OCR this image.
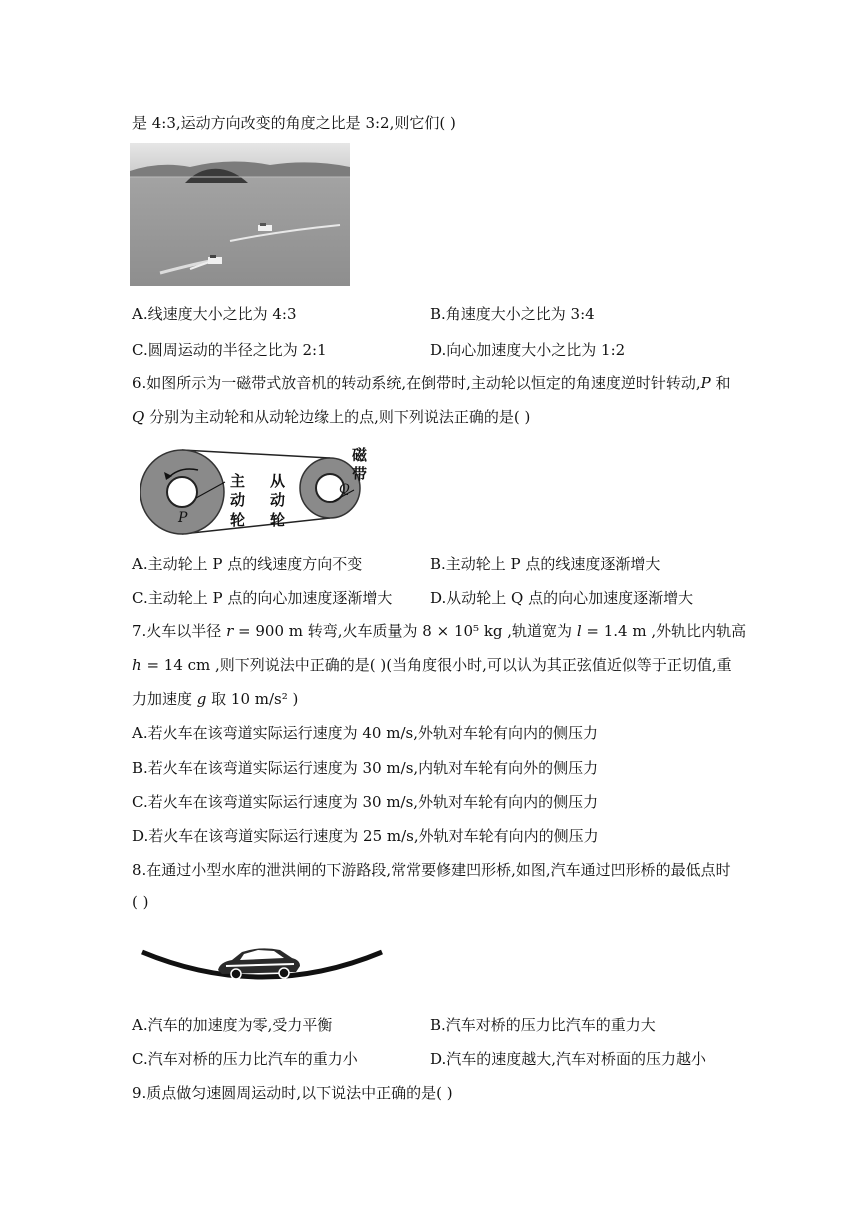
是 4:3,运动方向改变的角度之比是 3:2,则它们( )
A.线速度大小之比为 4:3	B.角速度大小之比为 3:4
C.圆周运动的半径之比为 2:1	D.向心加速度大小之比为 1:2
6.如图所示为一磁带式放音机的转动系统,在倒带时,主动轮以恒定的角速度逆时针转动,P 和
Q 分别为主动轮和从动轮边缘上的点,则下列说法正确的是( )
主
动
轮
从
动
轮
磁
带
P
Q
A.主动轮上 P 点的线速度方向不变	B.主动轮上 P 点的线速度逐渐增大
C.主动轮上 P 点的向心加速度逐渐增大	D.从动轮上 Q 点的向心加速度逐渐增大
7.火车以半径 r = 900 m 转弯,火车质量为 8 × 10⁵ kg ,轨道宽为 l = 1.4 m ,外轨比内轨高
h = 14 cm ,则下列说法中正确的是( )(当角度很小时,可以认为其正弦值近似等于正切值,重
力加速度 g 取 10 m/s² )
A.若火车在该弯道实际运行速度为 40 m/s,外轨对车轮有向内的侧压力
B.若火车在该弯道实际运行速度为 30 m/s,内轨对车轮有向外的侧压力
C.若火车在该弯道实际运行速度为 30 m/s,外轨对车轮有向内的侧压力
D.若火车在该弯道实际运行速度为 25 m/s,外轨对车轮有向内的侧压力
8.在通过小型水库的泄洪闸的下游路段,常常要修建凹形桥,如图,汽车通过凹形桥的最低点时
( )
A.汽车的加速度为零,受力平衡	B.汽车对桥的压力比汽车的重力大
C.汽车对桥的压力比汽车的重力小	D.汽车的速度越大,汽车对桥面的压力越小
9.质点做匀速圆周运动时,以下说法中正确的是( )
